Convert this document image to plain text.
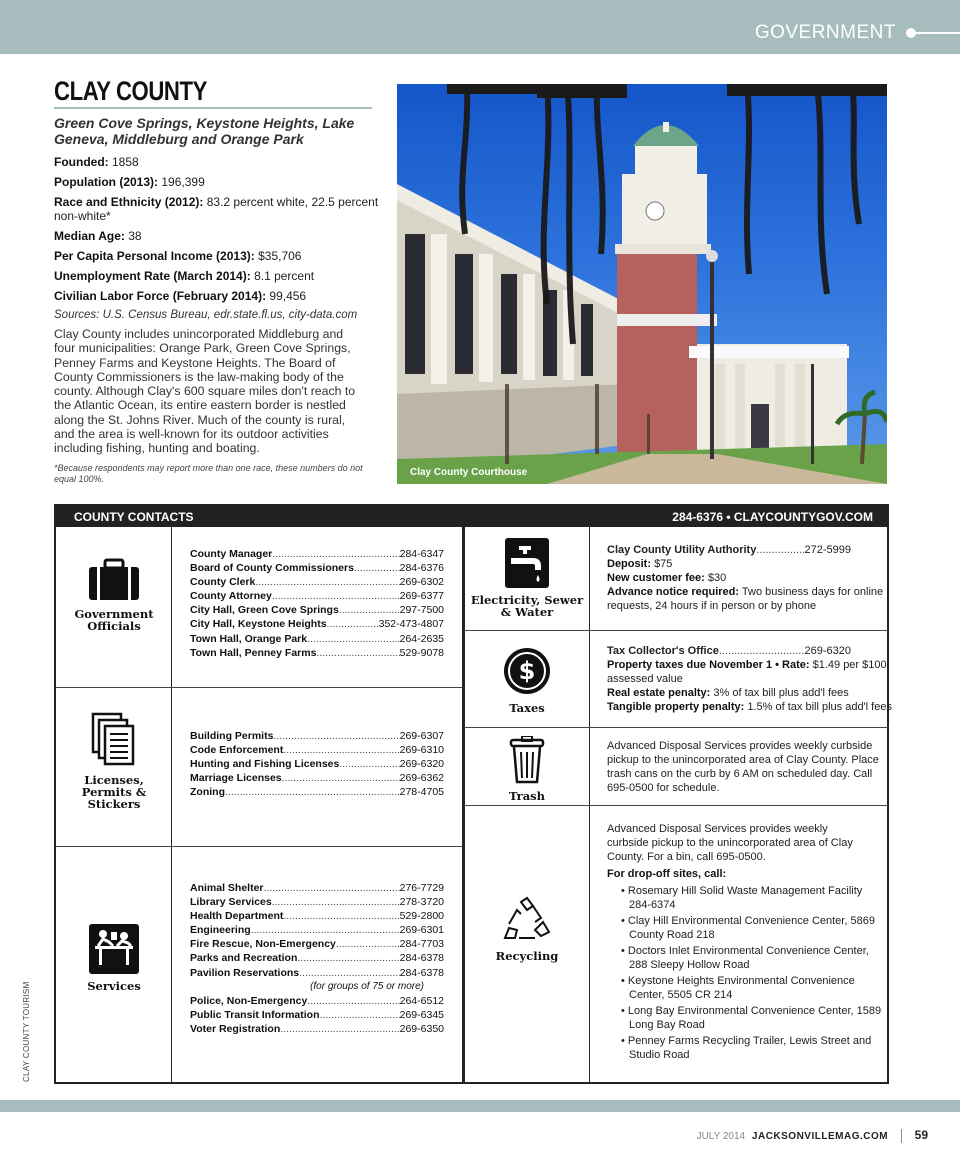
GOVERNMENT
CLAY COUNTY
Green Cove Springs, Keystone Heights, Lake Geneva, Middleburg and Orange Park
Founded: 1858
Population (2013): 196,399
Race and Ethnicity (2012): 83.2 percent white, 22.5 percent non-white*
Median Age: 38
Per Capita Personal Income (2013): $35,706
Unemployment Rate (March 2014): 8.1 percent
Civilian Labor Force (February 2014): 99,456
Sources: U.S. Census Bureau, edr.state.fl.us, city-data.com
Clay County includes unincorporated Middleburg and four municipalities: Orange Park, Green Cove Springs, Penney Farms and Keystone Heights. The Board of County Commissioners is the law-making body of the county. Although Clay's 600 square miles don't reach to the Atlantic Ocean, its entire eastern border is nestled along the St. Johns River. Much of the county is rural, and the area is well-known for its outdoor activities including fishing, hunting and boating.
*Because respondents may report more than one race, these numbers do not equal 100%.
Clay County Courthouse
COUNTY CONTACTS	284-6376 • CLAYCOUNTYGOV.COM
Government Officials
County Manager .....	284-6347
Board of County Commissioners .....	284-6376
County Clerk .....	269-6302
County Attorney .....	269-6377
City Hall, Green Cove Springs .....	297-7500
City Hall, Keystone Heights .....	352-473-4807
Town Hall, Orange Park .....	264-2635
Town Hall, Penney Farms .....	529-9078
Licenses, Permits & Stickers
Building Permits .....	269-6307
Code Enforcement .....	269-6310
Hunting and Fishing Licenses .....	269-6320
Marriage Licenses .....	269-6362
Zoning .....	278-4705
Services
Animal Shelter .....	276-7729
Library Services .....	278-3720
Health Department .....	529-2800
Engineering .....	269-6301
Fire Rescue, Non-Emergency .....	284-7703
Parks and Recreation .....	284-6378
Pavilion Reservations .....	284-6378
(for groups of 75 or more)
Police, Non-Emergency .....	264-6512
Public Transit Information .....	269-6345
Voter Registration .....	269-6350
Electricity, Sewer & Water
Clay County Utility Authority .....	272-5999
Deposit: $75
New customer fee: $30
Advance notice required: Two business days for online requests, 24 hours if in person or by phone
$
Taxes
Tax Collector's Office .....	269-6320
Property taxes due November 1 • Rate: $1.49 per $100 assessed value
Real estate penalty: 3% of tax bill plus add'l fees
Tangible property penalty: 1.5% of tax bill plus add'l fees
Trash
Advanced Disposal Services provides weekly curbside pickup to the unincorporated area of Clay County. Place trash cans on the curb by 6 AM on scheduled day. Call 695-0500 for schedule.
Recycling
Advanced Disposal Services provides weekly curbside pickup to the unincorporated area of Clay County. For a bin, call 695-0500.
For drop-off sites, call:
• Rosemary Hill Solid Waste Management Facility 284-6374
• Clay Hill Environmental Convenience Center, 5869 County Road 218
• Doctors Inlet Environmental Convenience Center, 288 Sleepy Hollow Road
• Keystone Heights Environmental Convenience Center, 5505 CR 214
• Long Bay Environmental Convenience Center, 1589 Long Bay Road
• Penney Farms Recycling Trailer, Lewis Street and Studio Road
CLAY COUNTY TOURISM
JULY 2014 JACKSONVILLEMAG.COM 59
